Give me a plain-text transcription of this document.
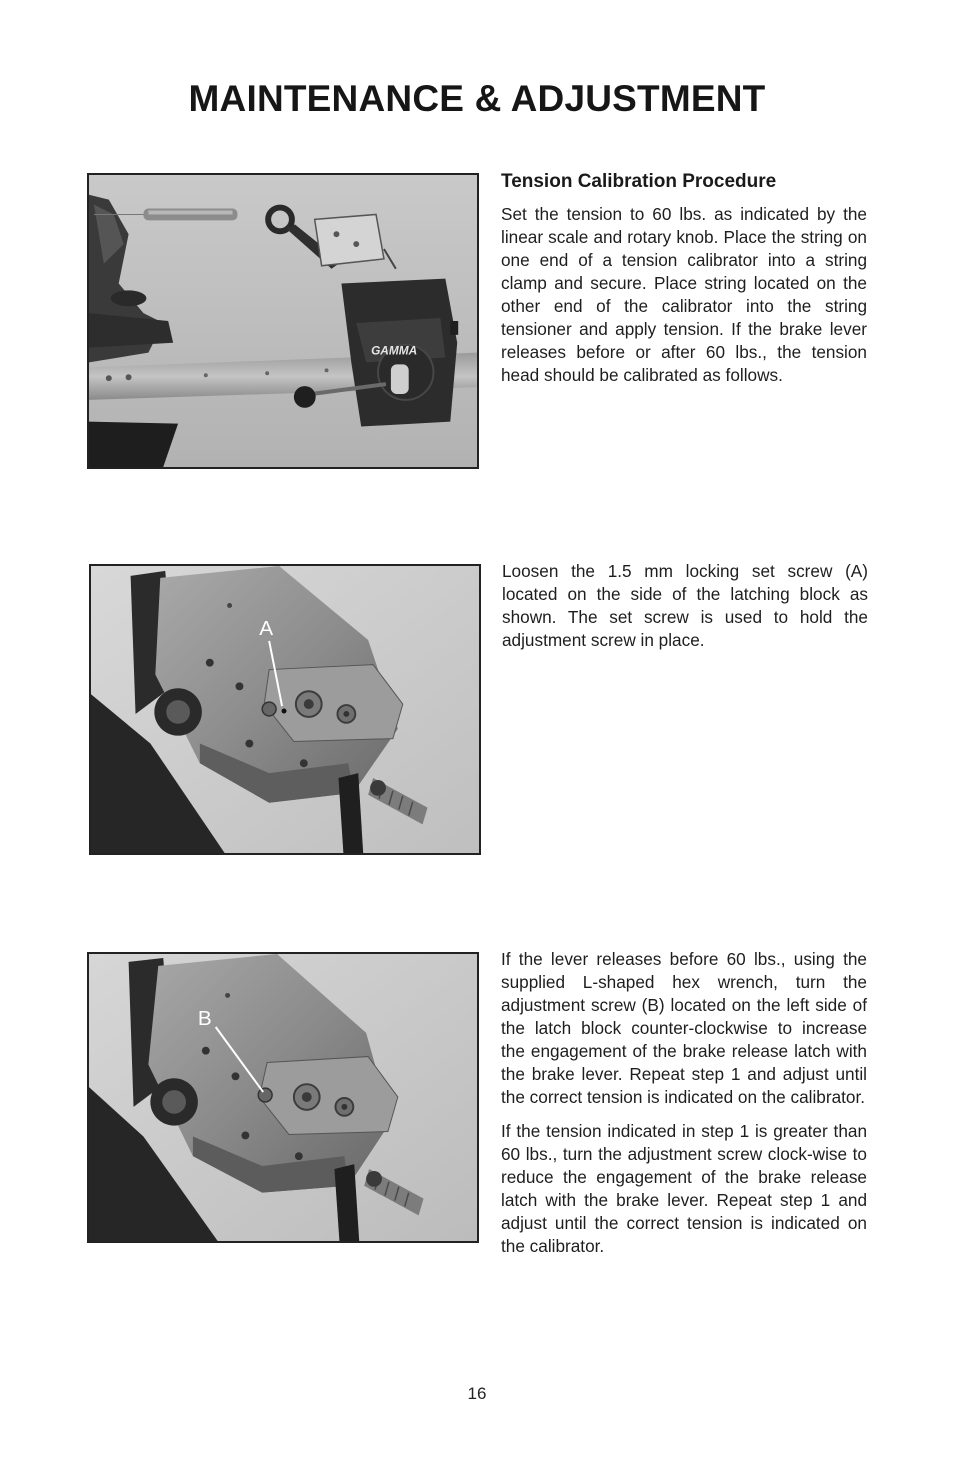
MAINTENANCE & ADJUSTMENT
GAMMA
Tension Calibration Procedure

Set the tension to 60 lbs. as indicated by the linear scale and rotary knob. Place the string on one end of a tension calibrator into a string clamp and secure. Place string located on the other end of the calibrator into the string tensioner and apply tension. If the brake lever releases before or after 60 lbs., the tension head should be calibrated as follows.

A

Loosen the 1.5 mm locking set screw (A) located on the side of the latching block as shown. The set screw is used to hold the adjustment screw in place.

B

If the lever releases before 60 lbs., using the supplied L-shaped hex wrench, turn the adjustment screw (B) located on the left side of the latch block counter-clockwise to increase the engagement of the brake release latch with the brake lever. Repeat step 1 and adjust until the correct tension is indicated on the calibrator.

If the tension indicated in step 1 is greater than 60 lbs., turn the adjustment screw clock-wise to reduce the engagement of the brake release latch with the brake lever. Repeat step 1 and adjust until the correct tension is indicated on the calibrator.

16
